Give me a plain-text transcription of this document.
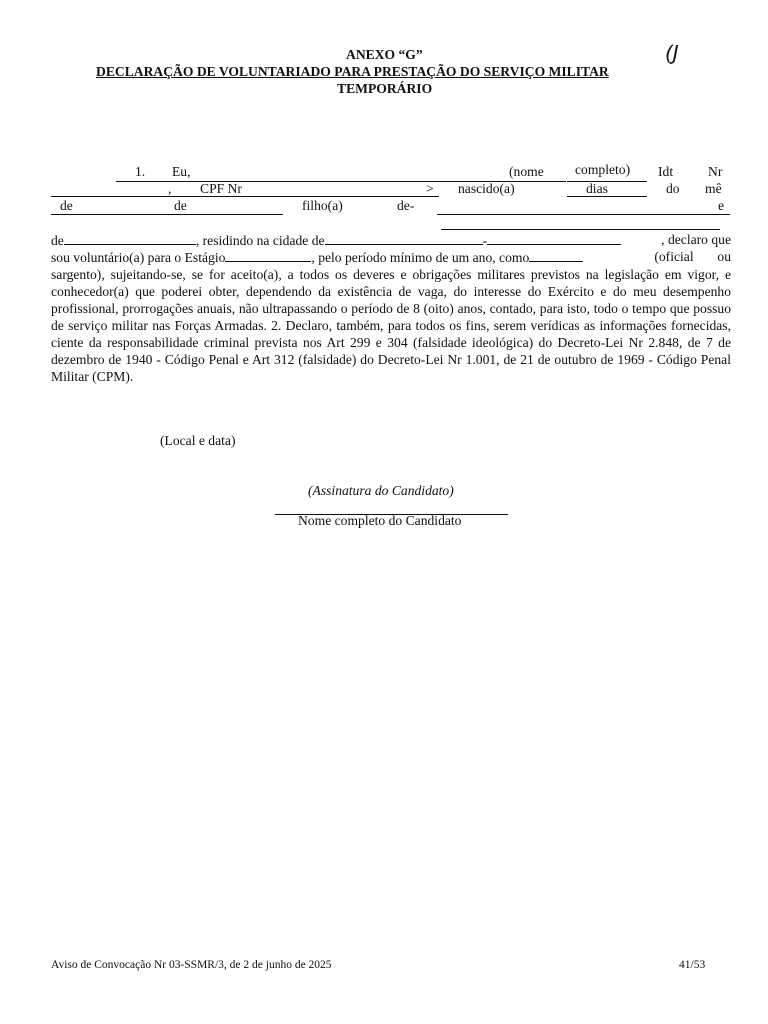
ANEXO “G”	(J
DECLARAÇÃO DE VOLUNTARIADO PARA PRESTAÇÃO DO SERVIÇO MILITAR
TEMPORÁRIO
1. Eu,	(nome completo) Idt	Nr
, CPF Nr	> nascido(a)	dias	do mê
de	de	filho(a)	de-	e
de	, residindo na cidade de	-	, declaro que
sou voluntário(a) para o Estágio	, pelo período mínimo de um ano, como	(oficial       ou
sargento), sujeitando-se, se for aceito(a), a todos os deveres e obrigações militares previstos na legislação em vigor, e conhecedor(a) que poderei obter, dependendo da existência de vaga, do interesse do Exército e do meu desempenho profissional, prorrogações anuais, não ultrapassando o período de 8 (oito) anos, contado, para isto, todo o tempo que possuo de serviço militar nas Forças Armadas. 2. Declaro, também, para todos os fins, serem verídicas as informações fornecidas, ciente da responsabilidade criminal prevista nos Art 299 e 304 (falsidade ideológica) do Decreto-Lei Nr 2.848, de 7 de dezembro de 1940 - Código Penal e Art 312 (falsidade) do Decreto-Lei Nr 1.001, de 21 de outubro de 1969 - Código Penal Militar (CPM).
(Local e data)
(Assinatura do Candidato)
Nome completo do Candidato
Aviso de Convocação Nr 03-SSMR/3, de 2 de junho de 2025	41/53
